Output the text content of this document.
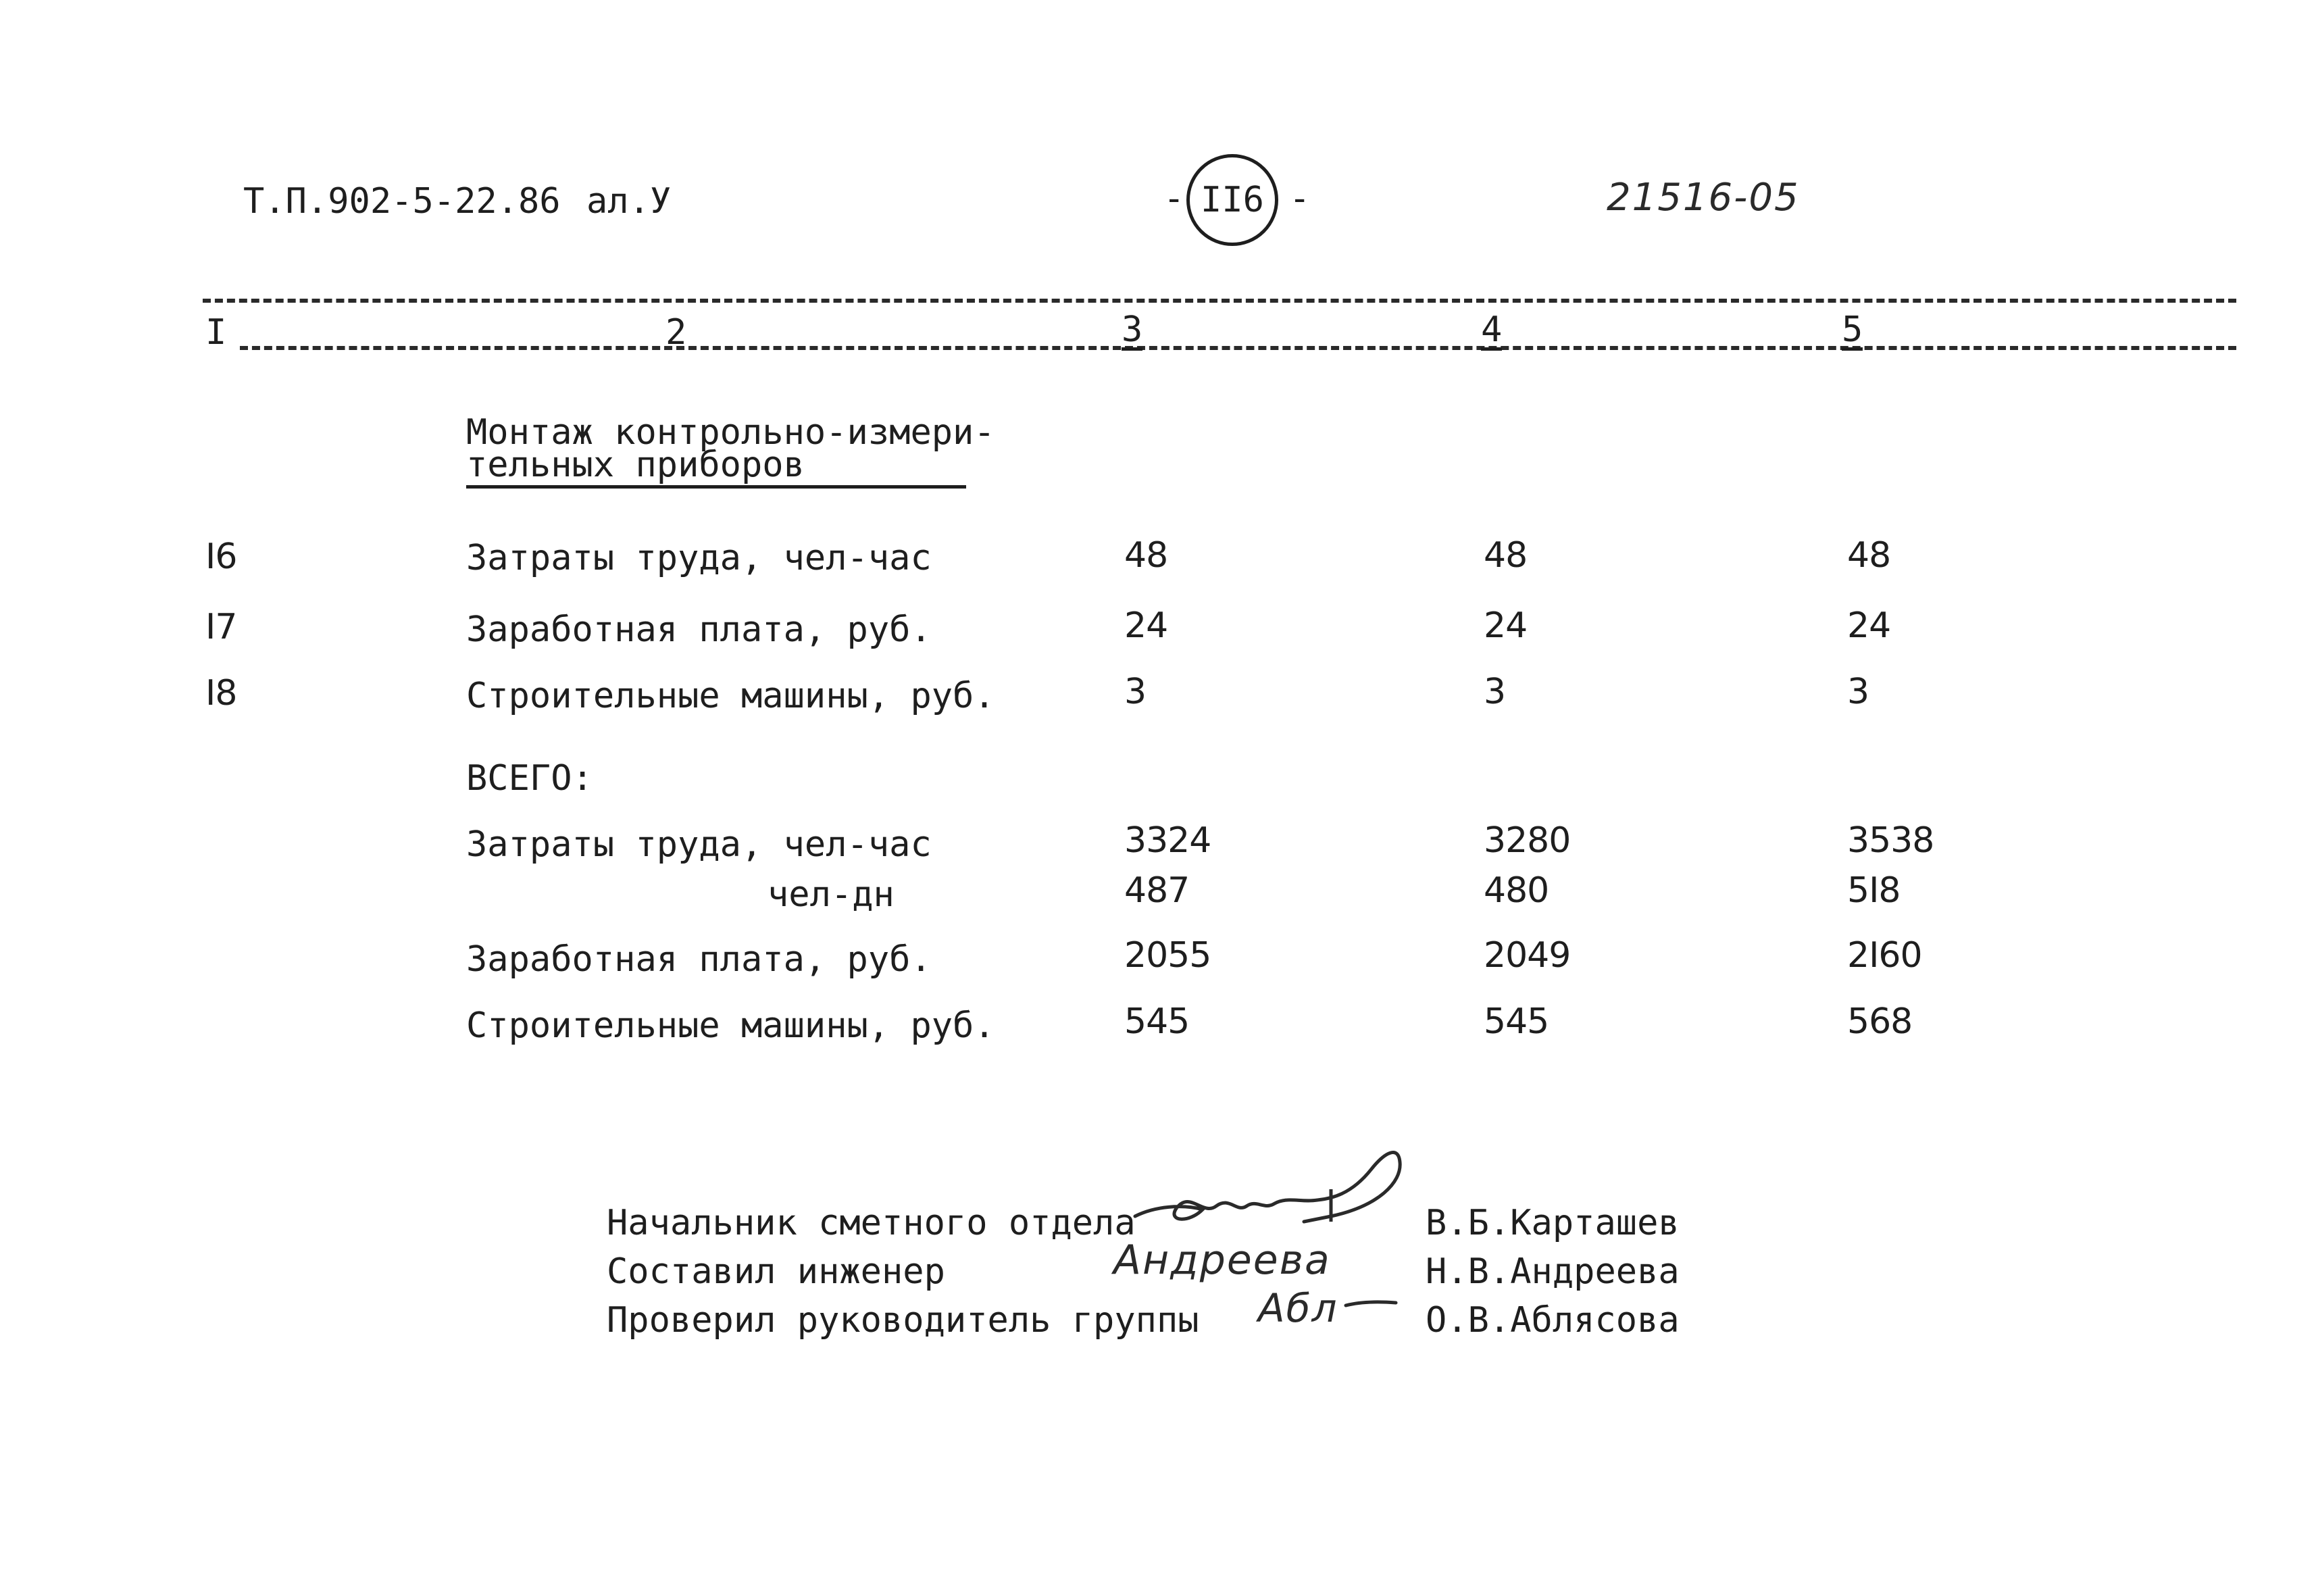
Т.П.902-5-22.86 ал.У	- II6 -	21516-05
I	2	3	4	5
Монтаж контрольно-измери-
тельных приборов
I6	Затраты труда, чел-час	48	48	48
I7	Заработная плата, руб.	24	24	24
I8	Строительные машины, руб.	3	3	3
ВСЕГО:
Затраты труда, чел-час	3324	3280	3538
чел-дн	487	480	5I8
Заработная плата, руб.	2055	2049	2I60
Строительные машины, руб.	545	545	568
Начальник сметного отдела	В.Б.Карташев
Составил инженер	Андреева	Н.В.Андреева
Проверил руководитель группы Абл О.В.Аблясова
